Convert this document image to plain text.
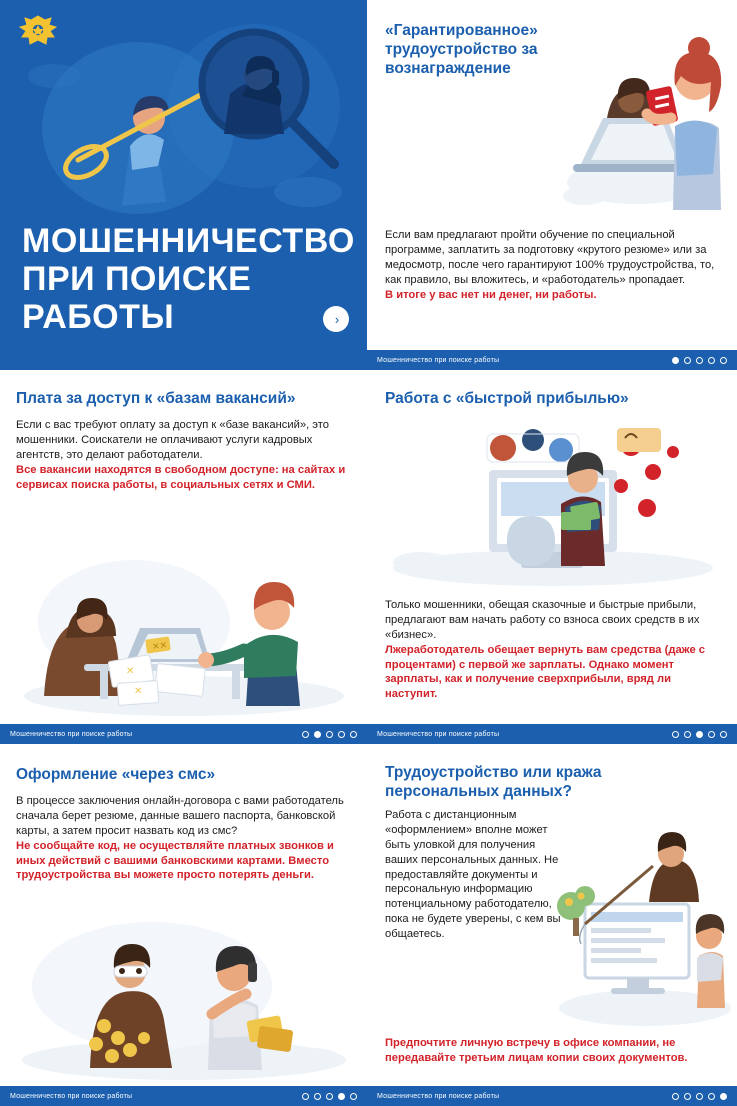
МОШЕННИЧЕСТВО ПРИ ПОИСКЕ РАБОТЫ	›
«Гарантированное» трудоустройство за вознаграждение
Если вам предлагают пройти обучение по специальной программе, заплатить за подготовку «крутого резюме» или за медосмотр, после чего гарантируют 100% трудоустройства, то, как правило, вы вложитесь, и «работодатель» пропадает.
В итоге у вас нет ни денег, ни работы.
Мошенничество при поиске работы
Плата за доступ к «базам вакансий»
Если с вас требуют оплату за доступ к «базе вакансий», это мошенники. Соискатели не оплачивают услуги кадровых агентств, это делают работодатели.
Все вакансии находятся в свободном доступе: на сайтах и сервисах поиска работы, в социальных сетях и СМИ.
✕✕
✕
✕
Мошенничество при поиске работы
Работа с «быстрой прибылью»
Только мошенники, обещая сказочные и быстрые прибыли, предлагают вам начать работу со взноса своих средств в их «бизнес».
Лжеработодатель обещает вернуть вам средства (даже с процентами) с первой же зарплаты. Однако момент зарплаты, как и получение сверхприбыли, вряд ли наступит.
Мошенничество при поиске работы
Оформление «через смс»
В процессе заключения онлайн-договора с вами работодатель сначала берет резюме, данные вашего паспорта, банковской карты, а затем просит назвать код из смс?
Не сообщайте код, не осуществляйте платных звонков и иных действий с вашими банковскими картами. Вместо трудоустройства вы можете просто потерять деньги.
Мошенничество при поиске работы
Трудоустройство или кража персональных данных?
Работа с дистанционным «оформлением» вполне может быть уловкой для получения ваших персональных данных. Не предоставляйте документы и персональную информацию потенциальному работодателю, пока не будете уверены, с кем вы общаетесь.
Предпочтите личную встречу в офисе компании, не передавайте третьим лицам копии своих документов.
Мошенничество при поиске работы
